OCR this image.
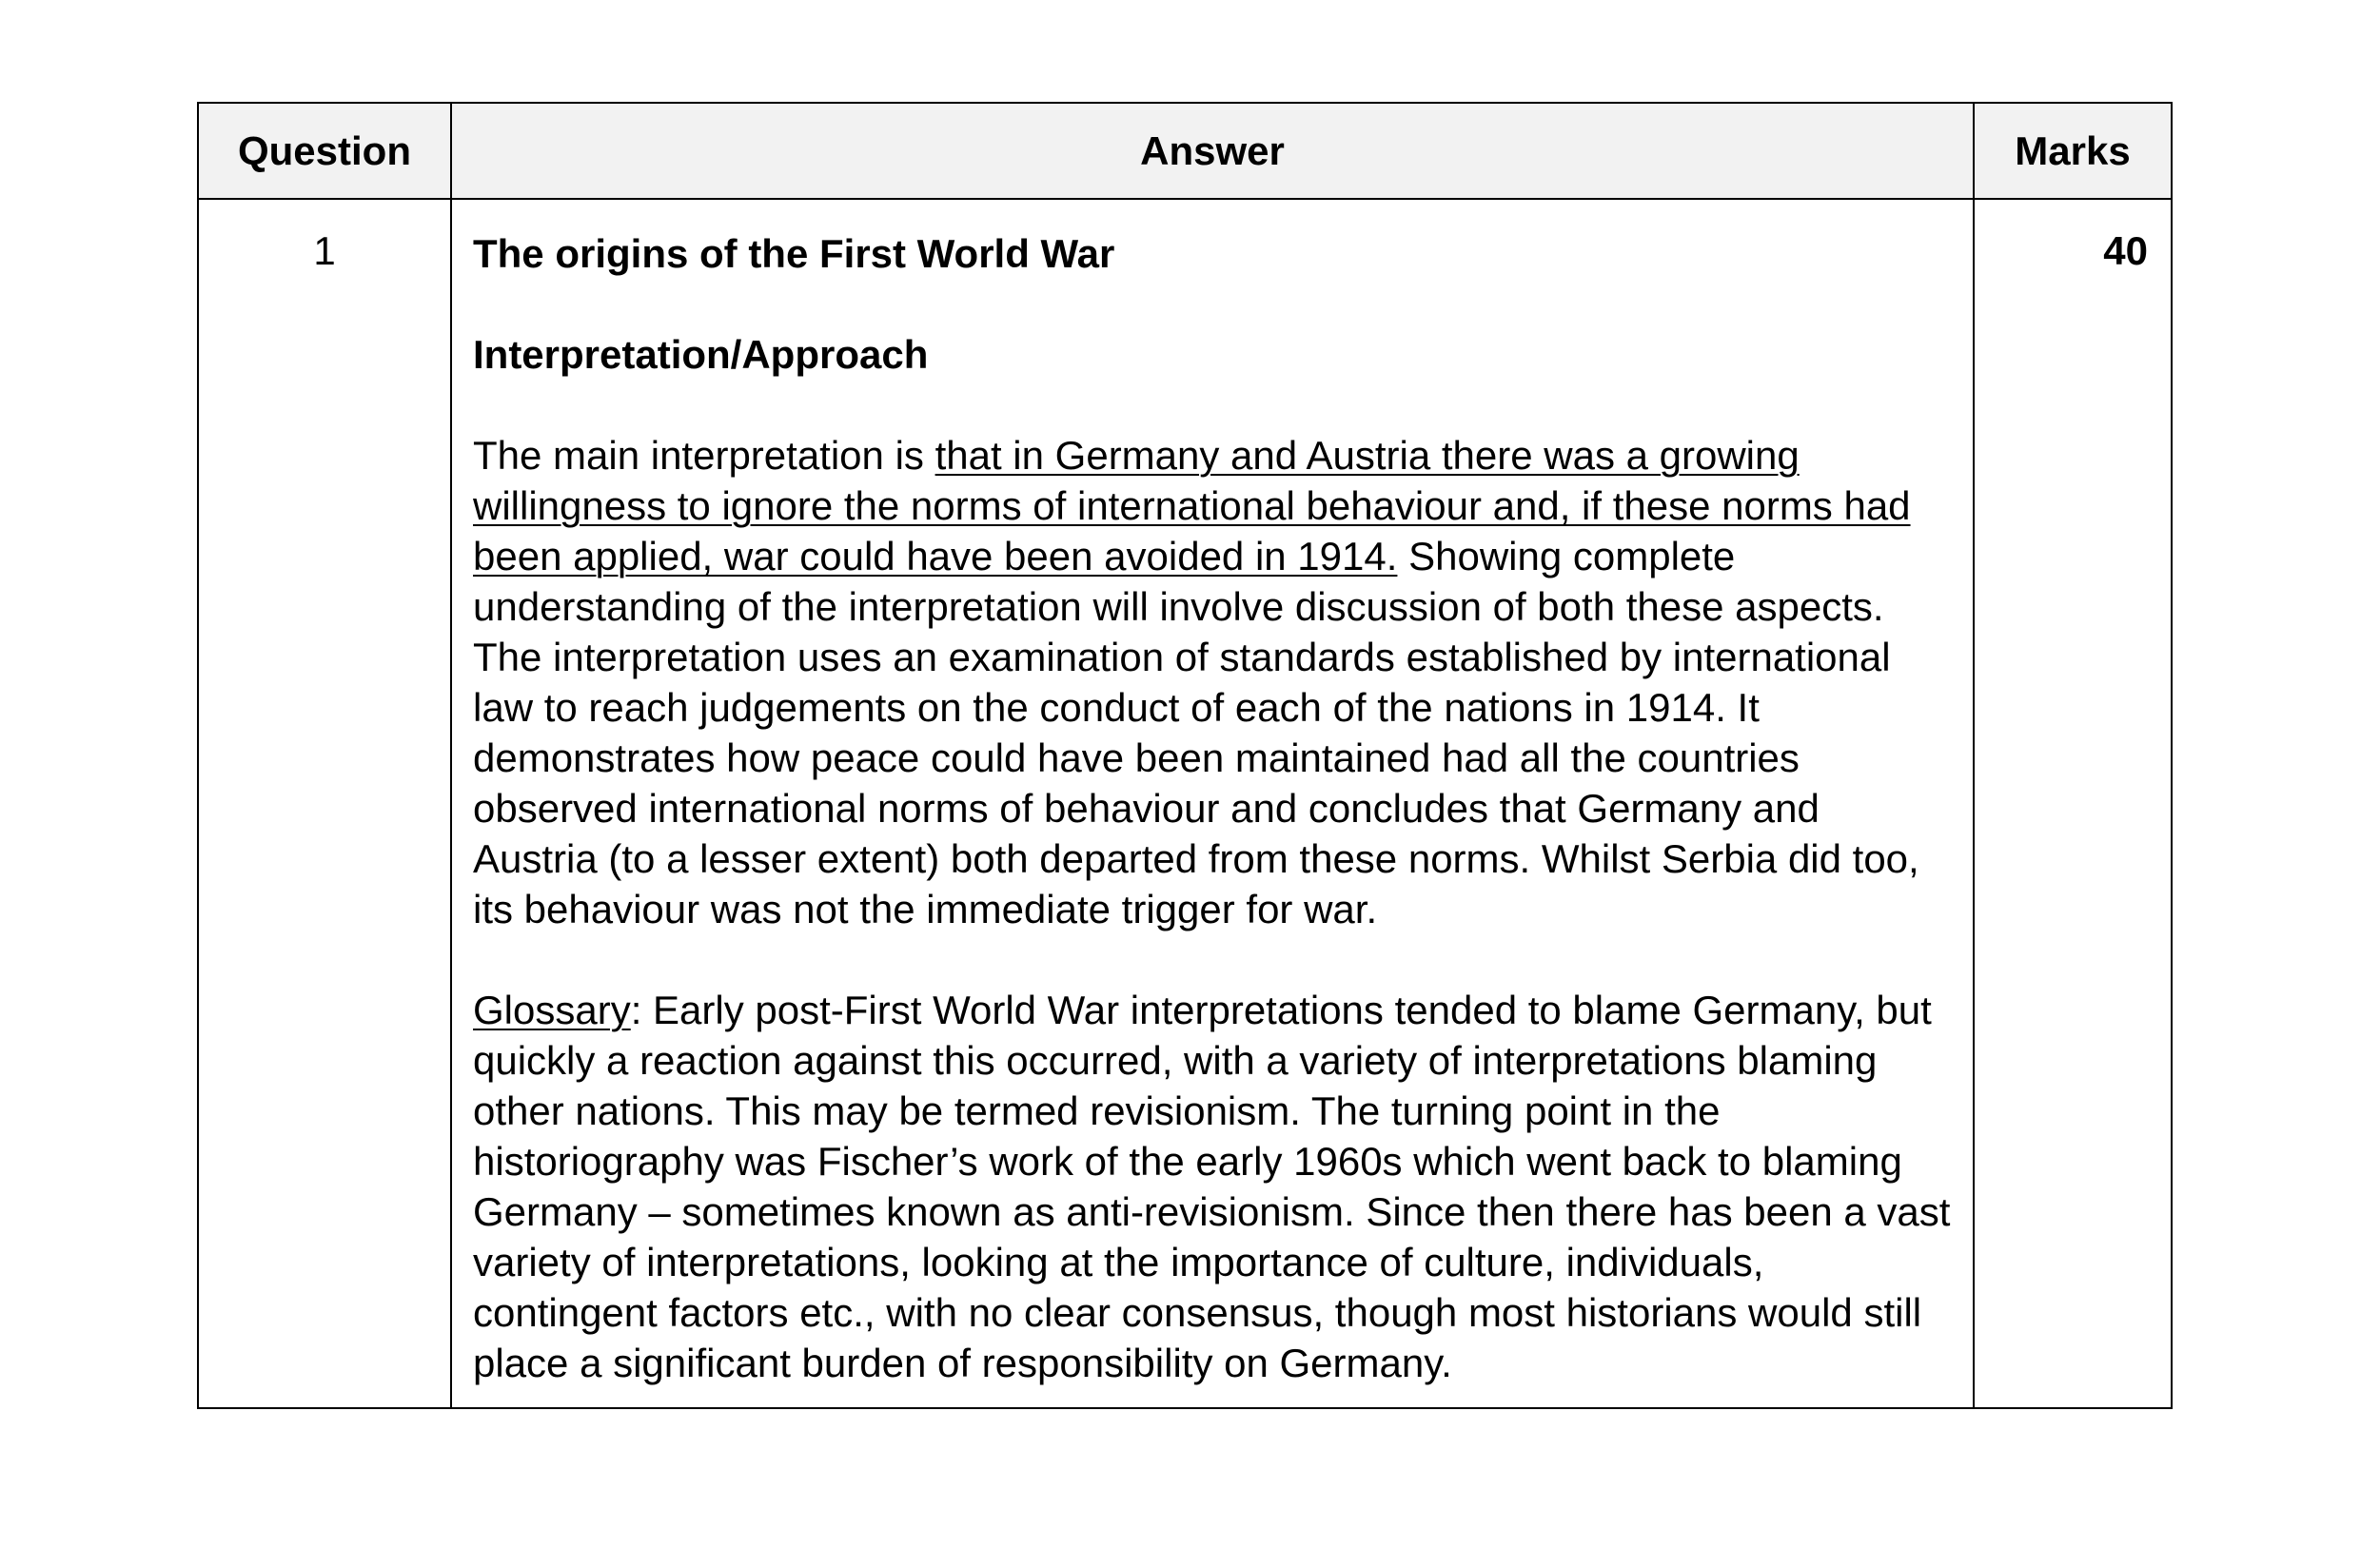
Question	Answer	Marks
1	The origins of the First World War

Interpretation/Approach

The main interpretation is that in Germany and Austria there was a growing willingness to ignore the norms of international behaviour and, if these norms had been applied, war could have been avoided in 1914. Showing complete understanding of the interpretation will involve discussion of both these aspects. The interpretation uses an examination of standards established by international law to reach judgements on the conduct of each of the nations in 1914. It demonstrates how peace could have been maintained had all the countries observed international norms of behaviour and concludes that Germany and Austria (to a lesser extent) both departed from these norms. Whilst Serbia did too, its behaviour was not the immediate trigger for war.

Glossary: Early post-First World War interpretations tended to blame Germany, but quickly a reaction against this occurred, with a variety of interpretations blaming other nations. This may be termed revisionism. The turning point in the historiography was Fischer’s work of the early 1960s which went back to blaming Germany – sometimes known as anti-revisionism. Since then there has been a vast variety of interpretations, looking at the importance of culture, individuals, contingent factors etc., with no clear consensus, though most historians would still place a significant burden of responsibility on Germany.	40
